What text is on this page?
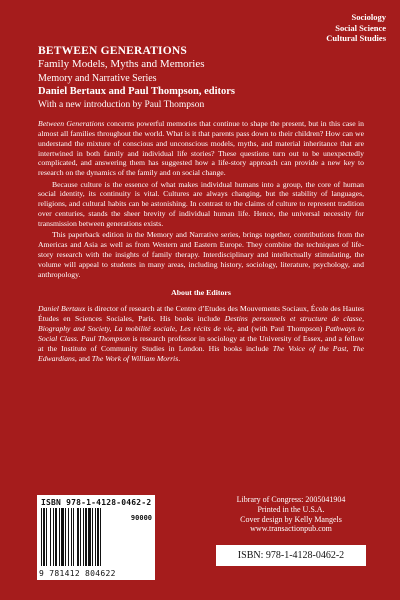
Sociology
Social Science
Cultural Studies
BETWEEN GENERATIONS
Family Models, Myths and Memories
Memory and Narrative Series
Daniel Bertaux and Paul Thompson, editors
With a new introduction by Paul Thompson

Between Generations concerns powerful memories that continue to shape the present, but in this case in almost all families throughout the world. What is it that parents pass down to their children? How can we understand the mixture of conscious and unconscious models, myths, and material inheritance that are intertwined in both family and individual life stories? These questions turn out to be unexpectedly complicated, and answering them has suggested how a life-story approach can provide a new key to research on the dynamics of the family and on social change.

Because culture is the essence of what makes individual humans into a group, the core of human social identity, its continuity is vital. Cultures are always changing, but the stability of languages, religions, and cultural habits can be astonishing. In contrast to the claims of culture to represent tradition over centuries, stands the sheer brevity of individual human life. Hence, the universal necessity for transmission between generations exists.

This paperback edition in the Memory and Narrative series, brings together, contributions from the Americas and Asia as well as from Western and Eastern Europe. They combine the techniques of life-story research with the insights of family therapy. Interdisciplinary and intellectually stimulating, the volume will appeal to students in many areas, including history, sociology, literature, psychology, and anthropology.

About the Editors

Daniel Bertaux is director of research at the Centre d’Etudes des Mouvements Sociaux, École des Hautes Études en Sciences Sociales, Paris. His books include Destins personnels et structure de classe, Biography and Society, La mobilité sociale, Les récits de vie, and (with Paul Thompson) Pathways to Social Class. Paul Thompson is research professor in sociology at the University of Essex, and a fellow at the Institute of Community Studies in London. His books include The Voice of the Past, The Edwardians, and The Work of William Morris.

ISBN 978-1-4128-0462-2
90000
9 781412 804622
Library of Congress: 2005041904
Printed in the U.S.A.
Cover design by Kelly Mangels
www.transactionpub.com
ISBN: 978-1-4128-0462-2
